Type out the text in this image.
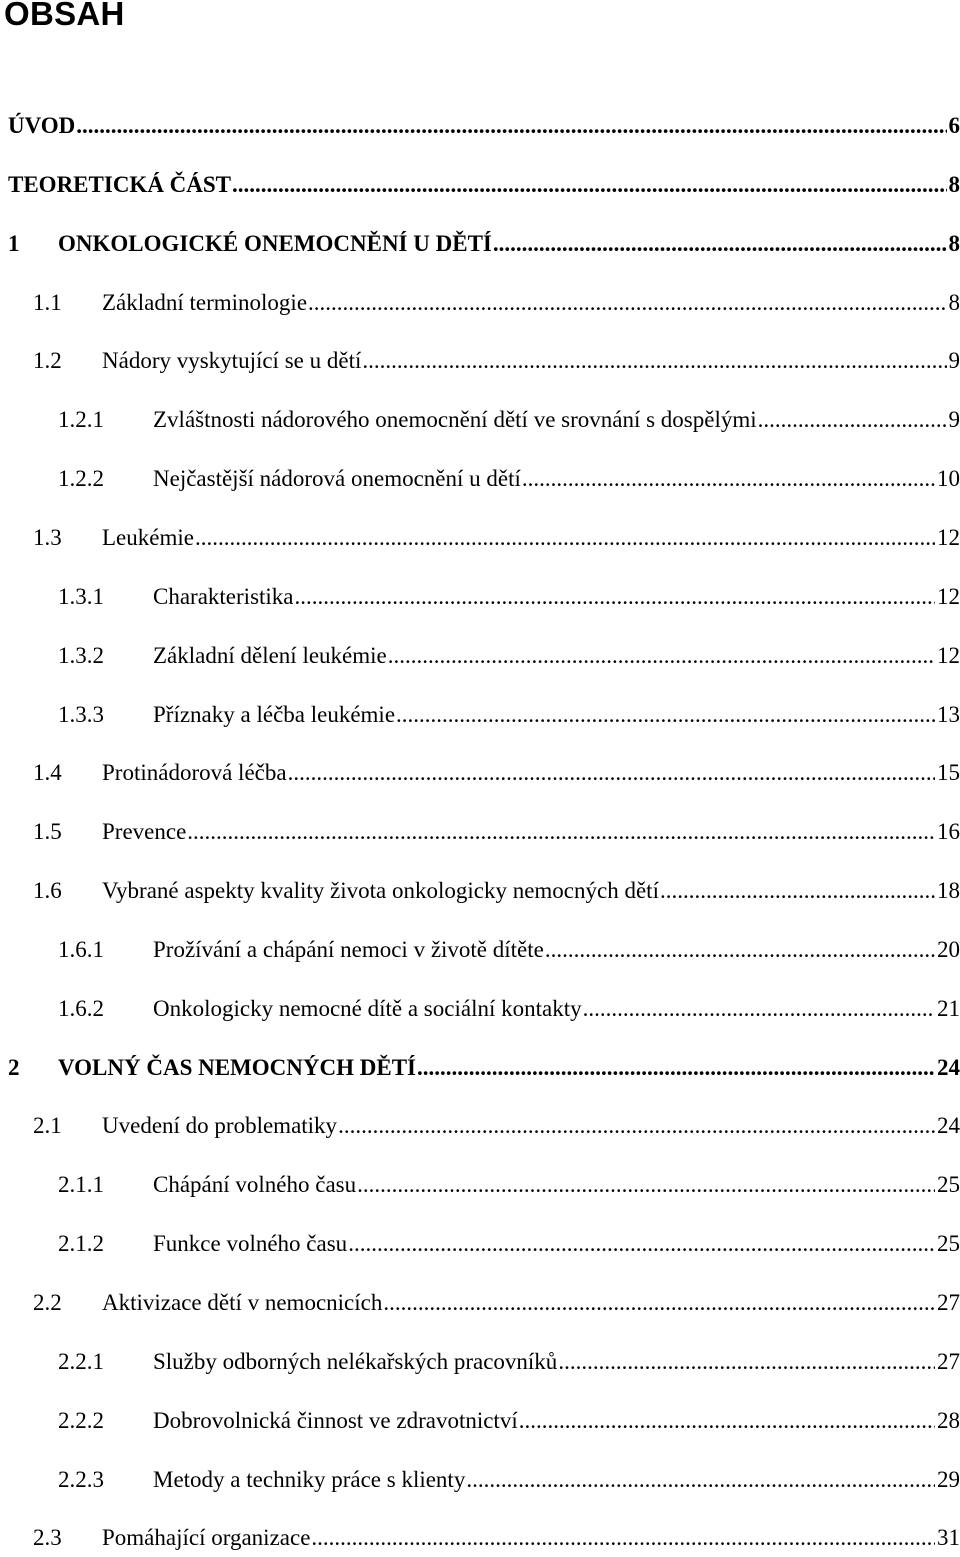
OBSAH
ÚVOD .....	6
TEORETICKÁ ČÁST .....	8
1	ONKOLOGICKÉ ONEMOCNĚNÍ U DĚTÍ .....	8
1.1	Základní terminologie .....	8
1.2	Nádory vyskytující se u dětí .....	9
1.2.1	Zvláštnosti nádorového onemocnění dětí ve srovnání s dospělými .....	9
1.2.2	Nejčastější nádorová onemocnění u dětí .....	10
1.3	Leukémie .....	12
1.3.1	Charakteristika .....	12
1.3.2	Základní dělení leukémie .....	12
1.3.3	Příznaky a léčba leukémie .....	13
1.4	Protinádorová léčba .....	15
1.5	Prevence .....	16
1.6	Vybrané aspekty kvality života onkologicky nemocných dětí .....	18
1.6.1	Prožívání a chápání nemoci v životě dítěte .....	20
1.6.2	Onkologicky nemocné dítě a sociální kontakty .....	21
2	VOLNÝ ČAS NEMOCNÝCH DĚTÍ .....	24
2.1	Uvedení do problematiky .....	24
2.1.1	Chápání volného času .....	25
2.1.2	Funkce volného času .....	25
2.2	Aktivizace dětí v nemocnicích .....	27
2.2.1	Služby odborných nelékařských pracovníků .....	27
2.2.2	Dobrovolnická činnost ve zdravotnictví .....	28
2.2.3	Metody a techniky práce s klienty .....	29
2.3	Pomáhající organizace .....	31
